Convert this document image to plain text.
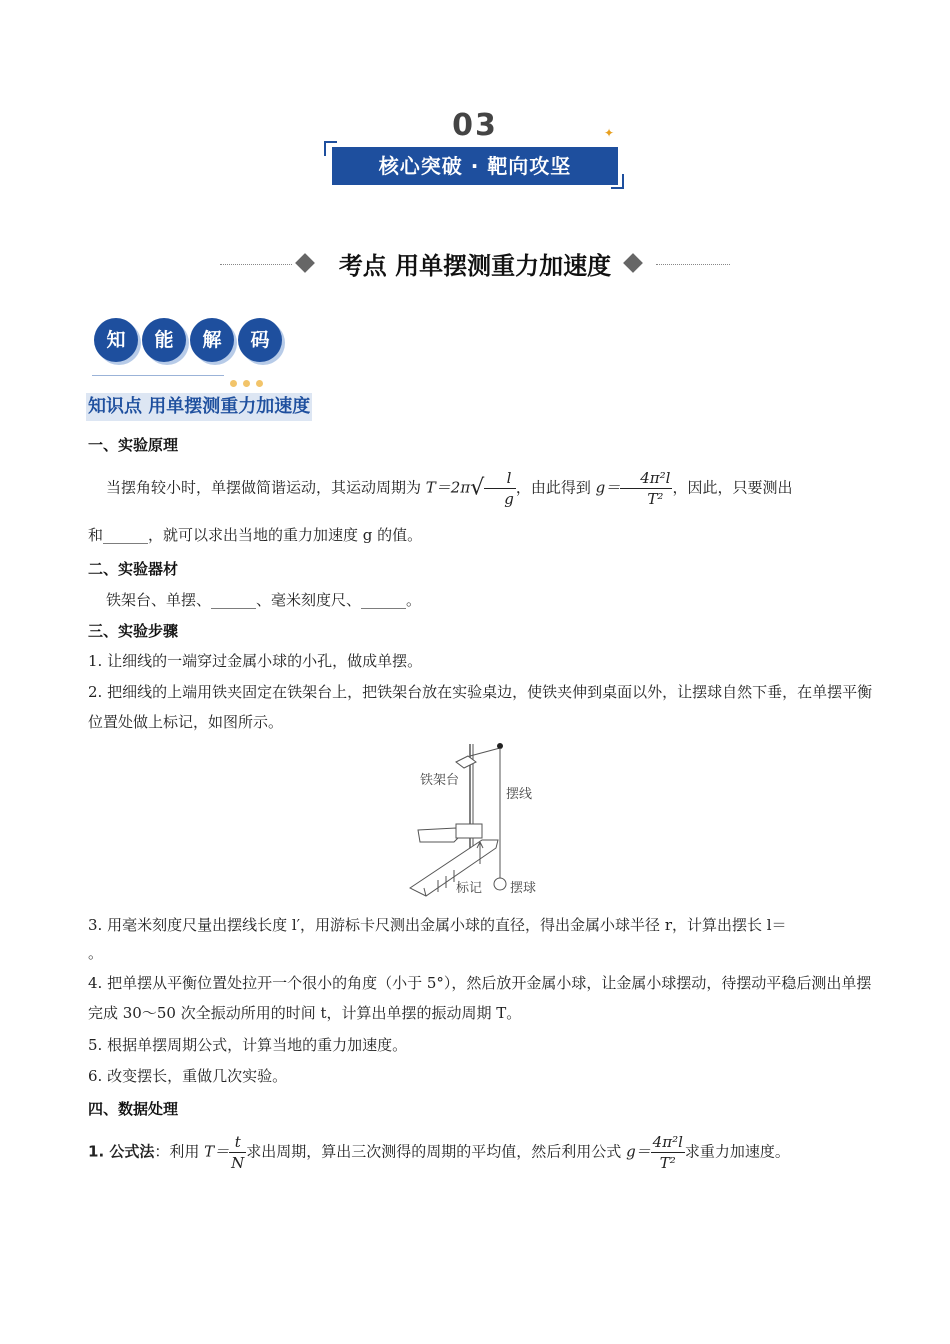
03
核心突破 · 靶向攻坚
✦
考点 用单摆测重力加速度
知	能	解	码
知识点 用单摆测重力加速度
一、实验原理
当摆角较小时，单摆做简谐运动，其运动周期为 $T=2\pi√ \frac{l}{g}$ ，由此得到 $g= \frac{\text{4π²l}}{\text{T²}}$ ，因此，只要测出
和______，就可以求出当地的重力加速度 g 的值。
二、实验器材
铁架台、单摆、______、毫米刻度尺、______。
三、实验步骤
1. 让细线的一端穿过金属小球的小孔，做成单摆。
2. 把细线的上端用铁夹固定在铁架台上，把铁架台放在实验桌边，使铁夹伸到桌面以外，让摆球自然下垂，在单摆平衡位置处做上标记，如图所示。
铁架台
摆线
标记 摆球
3. 用毫米刻度尺量出摆线长度 l′，用游标卡尺测出金属小球的直径，得出金属小球半径 r，计算出摆长 l＝
。
4. 把单摆从平衡位置处拉开一个很小的角度（小于 5°），然后放开金属小球，让金属小球摆动，待摆动平稳后测出单摆完成 30～50 次全振动所用的时间 t，计算出单摆的振动周期 T。
5. 根据单摆周期公式，计算当地的重力加速度。
6. 改变摆长，重做几次实验。
四、数据处理
1. 公式法：利用 $T= \frac{t}{N}$ 求出周期，算出三次测得的周期的平均值，然后利用公式 $g= \frac{\text{4π²l}}{\text{T²}}$ 求重力加速度。
